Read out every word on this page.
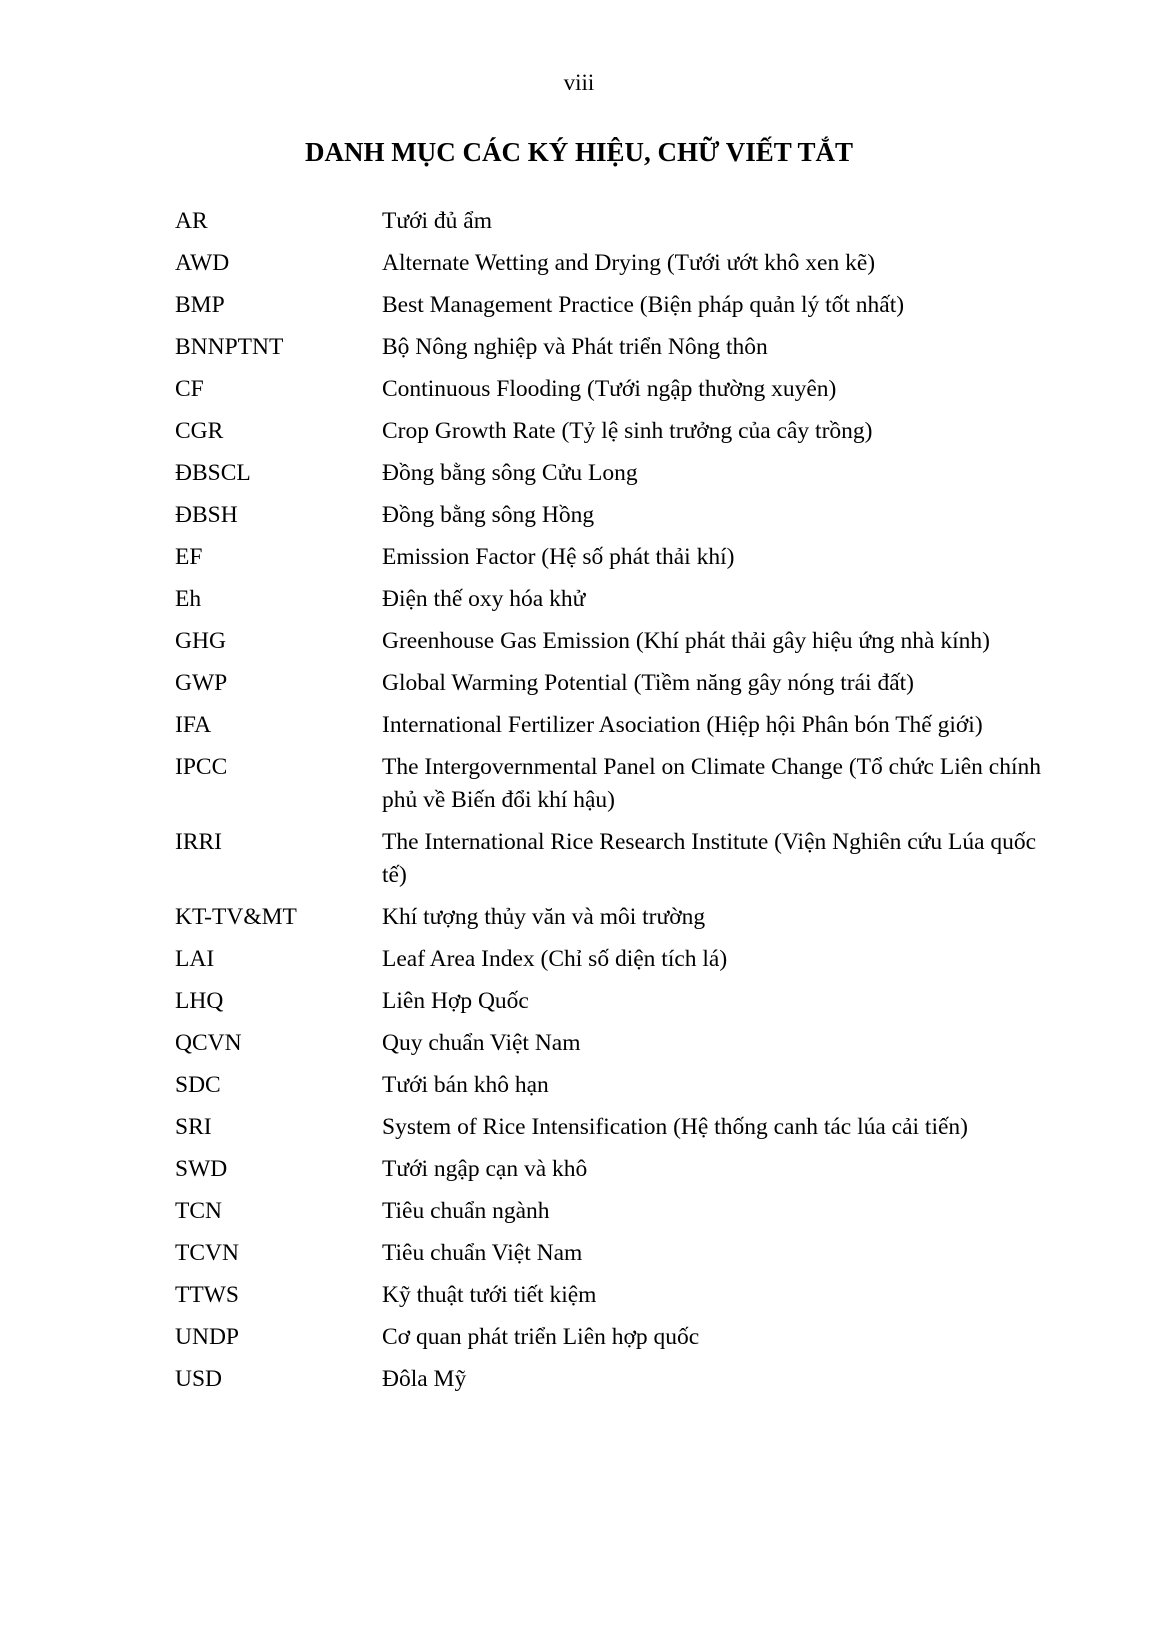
viii
DANH MỤC CÁC KÝ HIỆU, CHỮ VIẾT TẮT
AR	Tưới đủ ẩm
AWD	Alternate Wetting and Drying (Tưới ướt khô xen kẽ)
BMP	Best Management Practice (Biện pháp quản lý tốt nhất)
BNNPTNT	Bộ Nông nghiệp và Phát triển Nông thôn
CF	Continuous Flooding (Tưới ngập thường xuyên)
CGR	Crop Growth Rate (Tỷ lệ sinh trưởng của cây trồng)
ĐBSCL	Đồng bằng sông Cửu Long
ĐBSH	Đồng bằng sông Hồng
EF	Emission Factor (Hệ số phát thải khí)
Eh	Điện thế oxy hóa khử
GHG	Greenhouse Gas Emission (Khí phát thải gây hiệu ứng nhà kính)
GWP	Global Warming Potential (Tiềm năng gây nóng trái đất)
IFA	International Fertilizer Asociation (Hiệp hội Phân bón Thế giới)
IPCC	The Intergovernmental Panel on Climate Change (Tổ chức Liên chính phủ về Biến đổi khí hậu)
IRRI	The International Rice Research Institute (Viện Nghiên cứu Lúa quốc tế)
KT-TV&MT	Khí tượng thủy văn và môi trường
LAI	Leaf Area Index (Chỉ số diện tích lá)
LHQ	Liên Hợp Quốc
QCVN	Quy chuẩn Việt Nam
SDC	Tưới bán khô hạn
SRI	System of Rice Intensification (Hệ thống canh tác lúa cải tiến)
SWD	Tưới ngập cạn và khô
TCN	Tiêu chuẩn ngành
TCVN	Tiêu chuẩn Việt Nam
TTWS	Kỹ thuật tưới tiết kiệm
UNDP	Cơ quan phát triển Liên hợp quốc
USD	Đôla Mỹ
